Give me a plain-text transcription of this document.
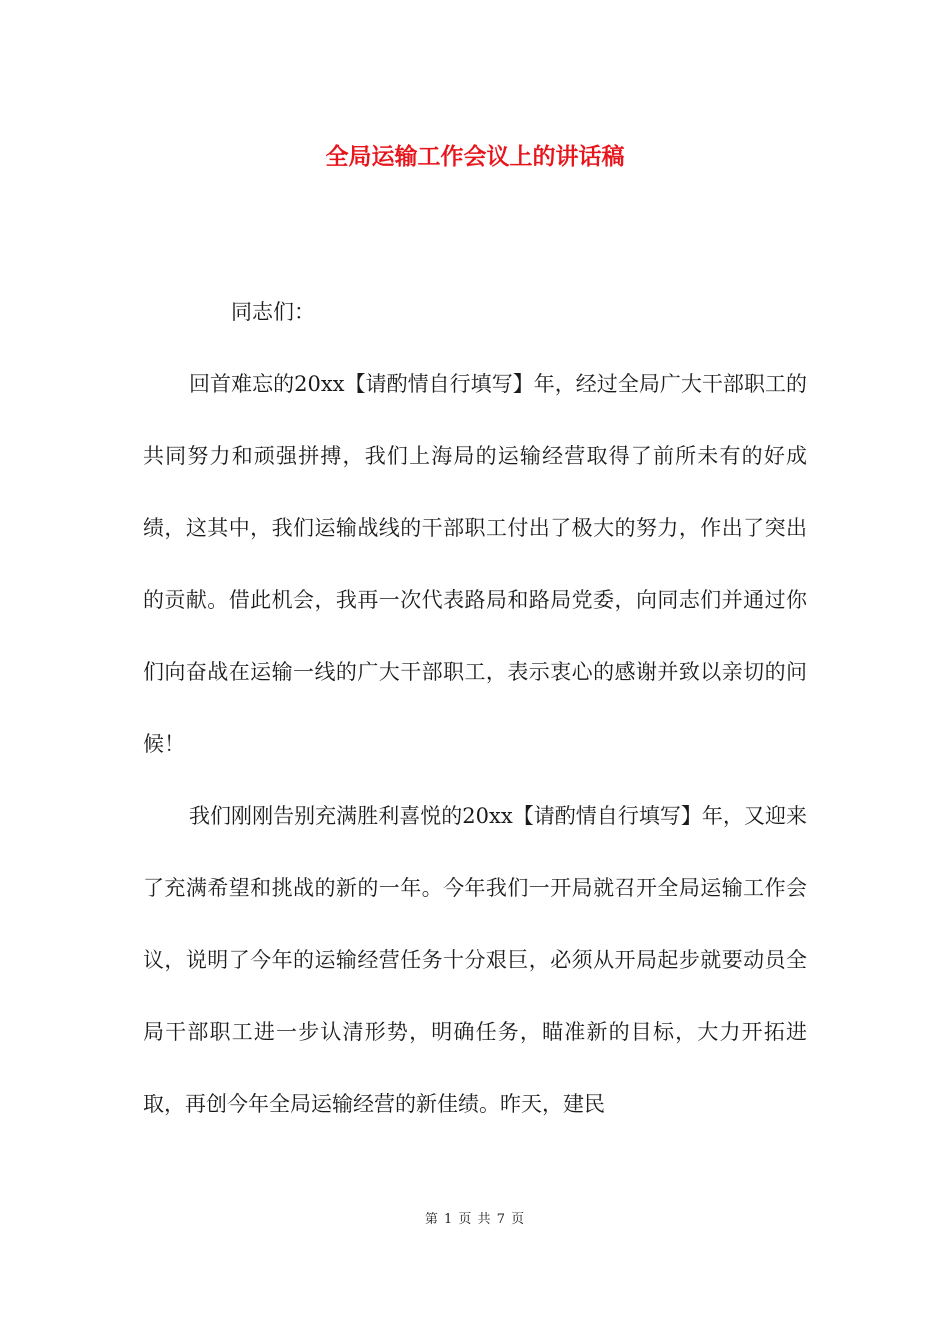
全局运输工作会议上的讲话稿

同志们：

回首难忘的20xx【请酌情自行填写】年，经过全局广大干部职工的共同努力和顽强拼搏，我们上海局的运输经营取得了前所未有的好成绩，这其中，我们运输战线的干部职工付出了极大的努力，作出了突出的贡献。借此机会，我再一次代表路局和路局党委，向同志们并通过你们向奋战在运输一线的广大干部职工，表示衷心的感谢并致以亲切的问候！

我们刚刚告别充满胜利喜悦的20xx【请酌情自行填写】年，又迎来了充满希望和挑战的新的一年。今年我们一开局就召开全局运输工作会议，说明了今年的运输经营任务十分艰巨，必须从开局起步就要动员全局干部职工进一步认清形势，明确任务，瞄准新的目标，大力开拓进取，再创今年全局运输经营的新佳绩。昨天，建民

第 1 页 共 7 页
